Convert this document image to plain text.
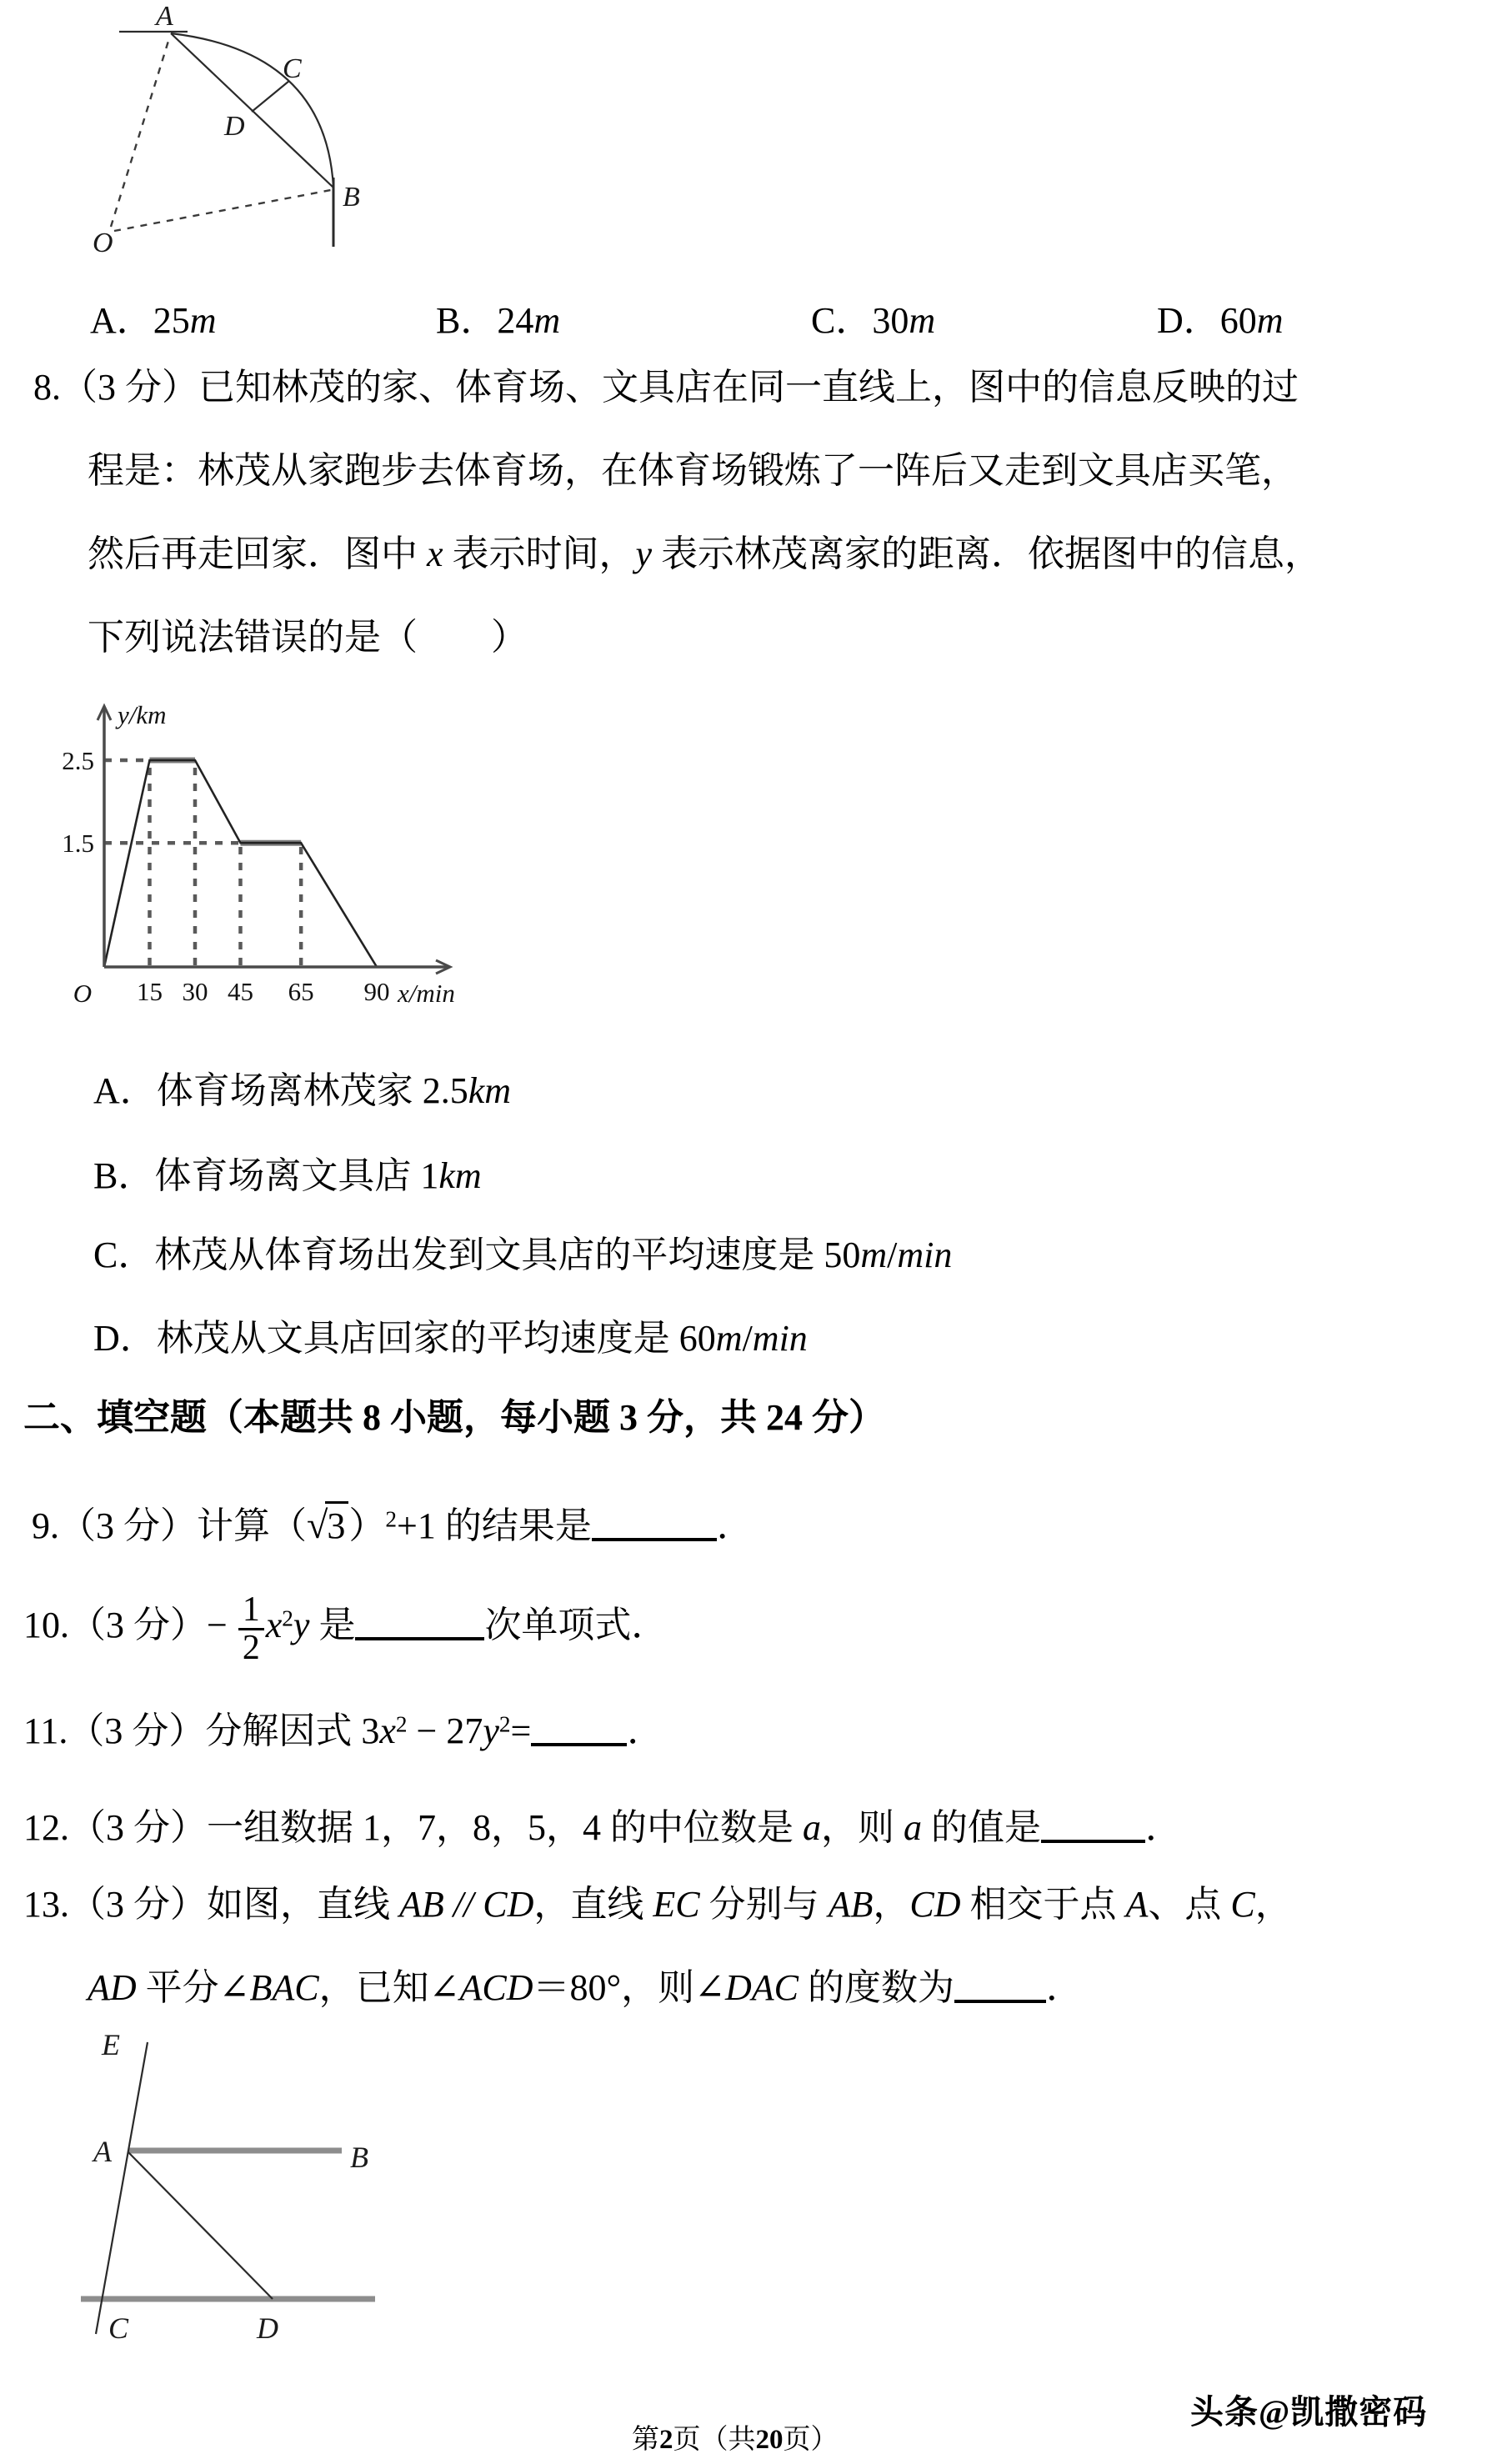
A
C
D
B
O
A．25m	B．24m	C．30m	D．60m
8.（3 分）已知林茂的家、体育场、文具店在同一直线上，图中的信息反映的过
程是：林茂从家跑步去体育场，在体育场锻炼了一阵后又走到文具店买笔，
然后再走回家．图中 x 表示时间，y 表示林茂离家的距离．依据图中的信息，
下列说法错误的是（　　）
15 30 45 65 90
2.5
1.5
O	x/min
y/km
A．体育场离林茂家 2.5km
B．体育场离文具店 1km
C．林茂从体育场出发到文具店的平均速度是 50m/min
D．林茂从文具店回家的平均速度是 60m/min
二、填空题（本题共 8 小题，每小题 3 分，共 24 分）
9.（3 分）计算$(√3)^2+1$ 的结果是	．
10.（3 分）− $\frac{1}{2} x^2y$ 是	次单项式．
11.（3 分）分解因式 $3x^2 - 27y^2=$	．
12.（3 分）一组数据 1，7，8，5，4 的中位数是 a，则 a 的值是	．
13.（3 分）如图，直线 AB // CD，直线 EC 分别与 AB，CD 相交于点 A、点 C，
AD 平分∠BAC，已知∠ACD＝80°，则∠DAC 的度数为	．
E
A	B
C	D
第2页（共20页）
头条@凯撒密码
